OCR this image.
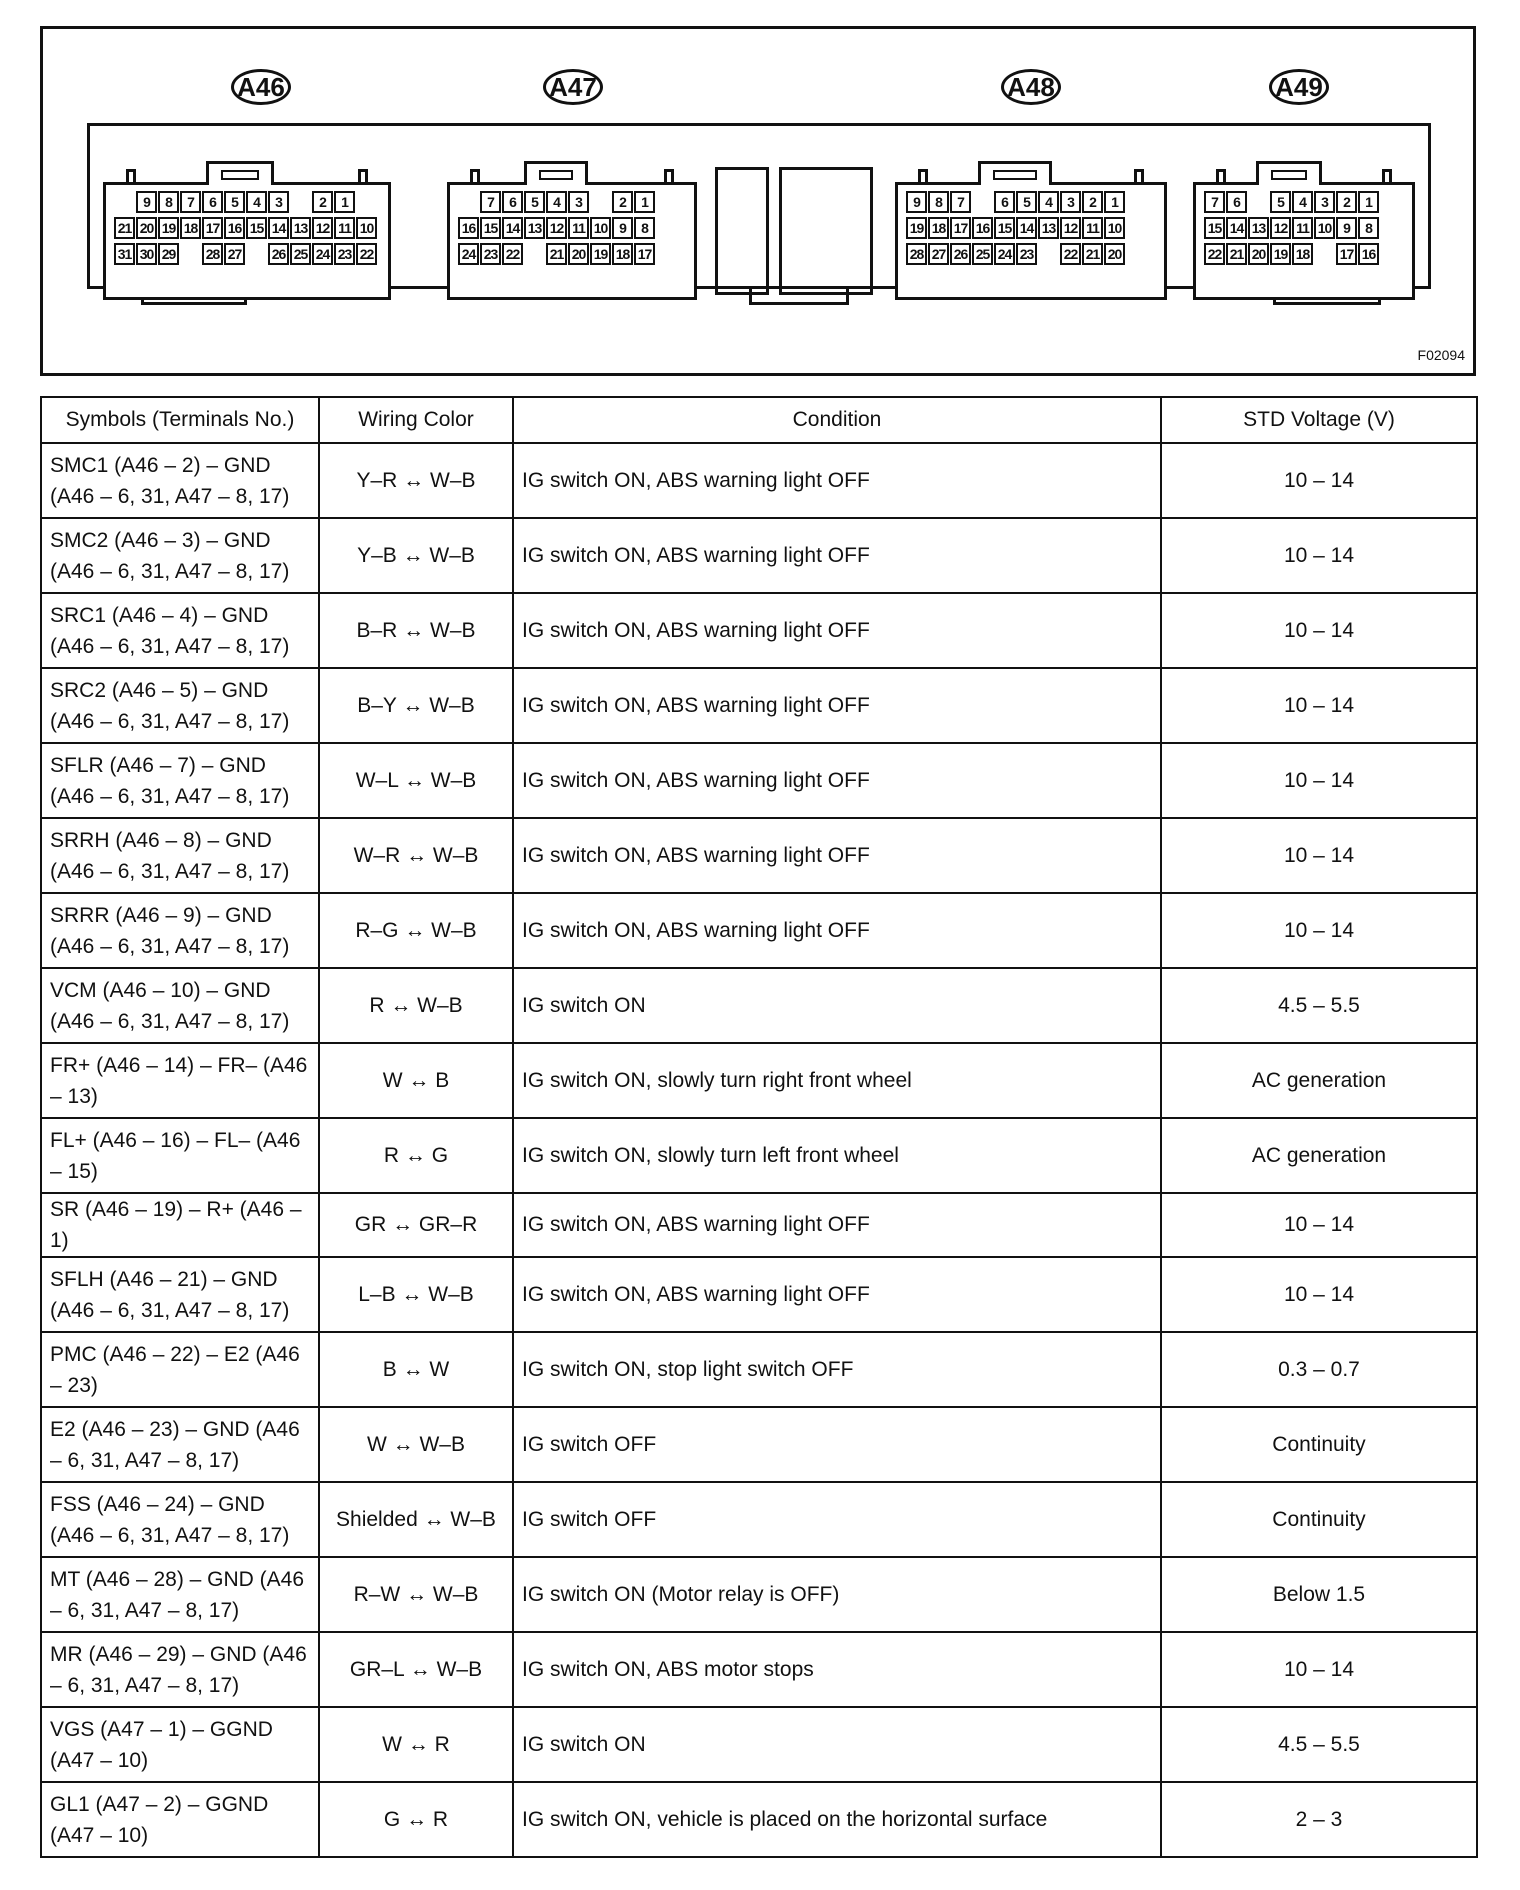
A46	A47	A48	A49
9	8	7	6	5	4	3	2	1
21 20 19 18 17 16 15 14 13 12 11 10
31 30 29 28 27 26 25 24 23 22
7	6	5	4	3	2	1
16 15 14 13 12 11 10 9	8
24 23 22 21 20 19 18 17
9	8	7	6	5	4	3	2	1
19 18 17 16 15 14 13 12 11 10
28 27 26 25 24 23 22 21 20
7	6	5	4	3	2	1
15 14 13 12 11 10 9	8
22 21 20 19 18 17 16
F02094
Symbols (Terminals No.)	Wiring Color	Condition	STD Voltage (V)
SMC1 (A46 – 2) – GND (A46 – 6, 31, A47 – 8, 17)	Y–R ↔ W–B	IG switch ON, ABS warning light OFF	10 – 14
SMC2 (A46 – 3) – GND (A46 – 6, 31, A47 – 8, 17)	Y–B ↔ W–B	IG switch ON, ABS warning light OFF	10 – 14
SRC1 (A46 – 4) – GND (A46 – 6, 31, A47 – 8, 17)	B–R ↔ W–B	IG switch ON, ABS warning light OFF	10 – 14
SRC2 (A46 – 5) – GND (A46 – 6, 31, A47 – 8, 17)	B–Y ↔ W–B	IG switch ON, ABS warning light OFF	10 – 14
SFLR (A46 – 7) – GND (A46 – 6, 31, A47 – 8, 17)	W–L ↔ W–B	IG switch ON, ABS warning light OFF	10 – 14
SRRH (A46 – 8) – GND (A46 – 6, 31, A47 – 8, 17)	W–R ↔ W–B	IG switch ON, ABS warning light OFF	10 – 14
SRRR (A46 – 9) – GND (A46 – 6, 31, A47 – 8, 17)	R–G ↔ W–B	IG switch ON, ABS warning light OFF	10 – 14
VCM (A46 – 10) – GND (A46 – 6, 31, A47 – 8, 17)	R ↔ W–B	IG switch ON	4.5 – 5.5
FR+ (A46 – 14) – FR– (A46 – 13)	W ↔ B	IG switch ON, slowly turn right front wheel	AC generation
FL+ (A46 – 16) – FL– (A46 – 15)	R ↔ G	IG switch ON, slowly turn left front wheel	AC generation
SR (A46 – 19) – R+ (A46 – 1)	GR ↔ GR–R	IG switch ON, ABS warning light OFF	10 – 14
SFLH (A46 – 21) – GND (A46 – 6, 31, A47 – 8, 17)	L–B ↔ W–B	IG switch ON, ABS warning light OFF	10 – 14
PMC (A46 – 22) – E2 (A46 – 23)	B ↔ W	IG switch ON, stop light switch OFF	0.3 – 0.7
E2 (A46 – 23) – GND (A46 – 6, 31, A47 – 8, 17)	W ↔ W–B	IG switch OFF	Continuity
FSS (A46 – 24) – GND (A46 – 6, 31, A47 – 8, 17)	Shielded ↔ W–B	IG switch OFF	Continuity
MT (A46 – 28) – GND (A46 – 6, 31, A47 – 8, 17)	R–W ↔ W–B	IG switch ON (Motor relay is OFF)	Below 1.5
MR (A46 – 29) – GND (A46 – 6, 31, A47 – 8, 17)	GR–L ↔ W–B	IG switch ON, ABS motor stops	10 – 14
VGS (A47 – 1) – GGND (A47 – 10)	W ↔ R	IG switch ON	4.5 – 5.5
GL1 (A47 – 2) – GGND (A47 – 10)	G ↔ R	IG switch ON, vehicle is placed on the horizontal surface	2 – 3
